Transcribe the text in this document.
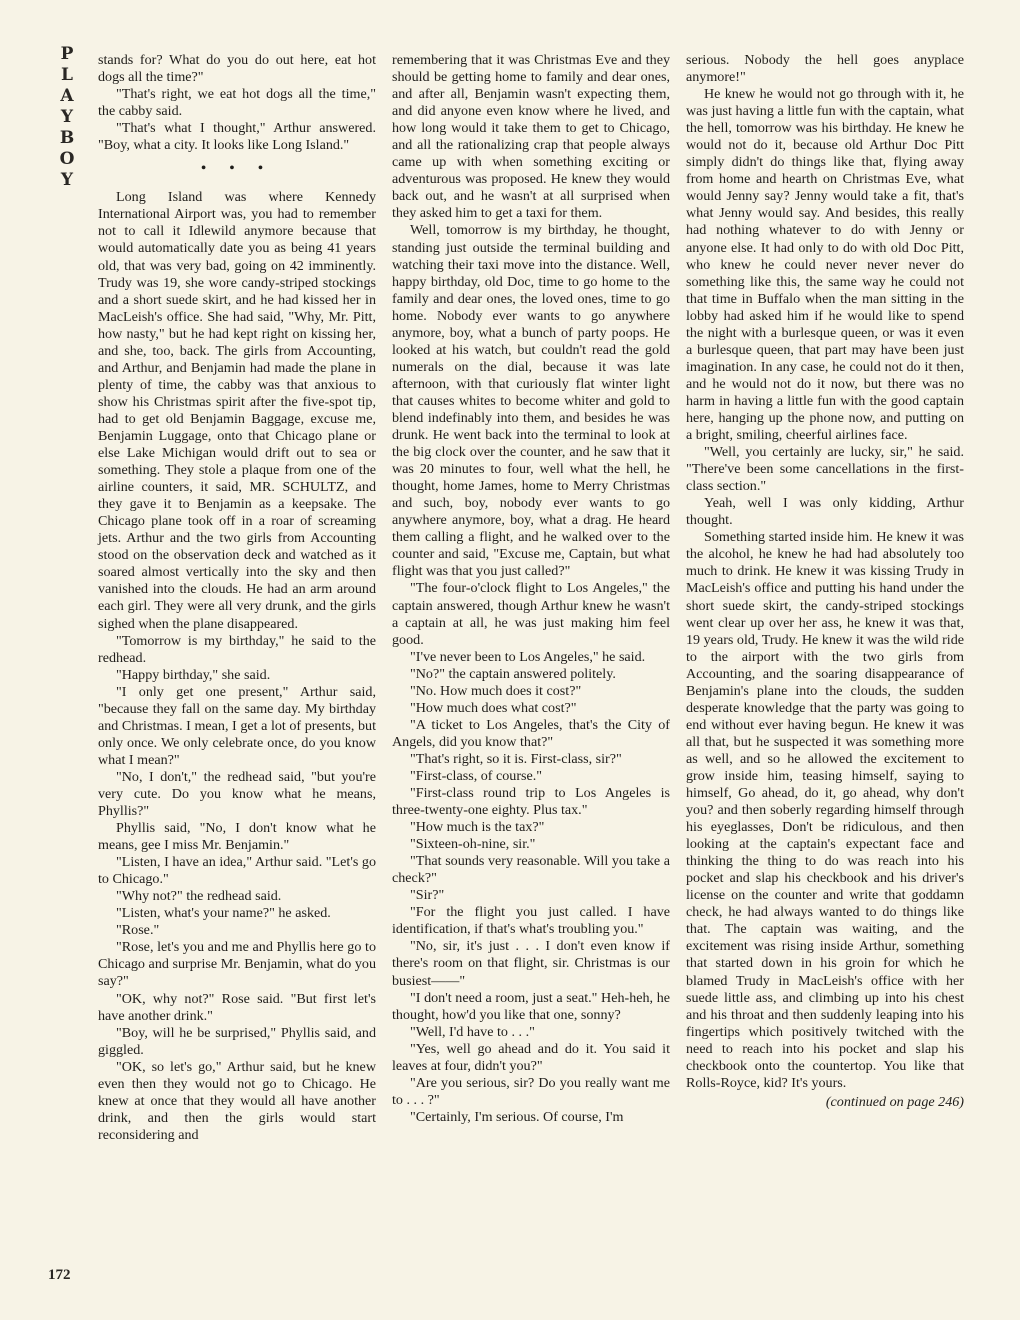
P
L
A
Y
B
O
Y

stands for? What do you do out here, eat hot dogs all the time?"

"That's right, we eat hot dogs all the time," the cabby said.

"That's what I thought," Arthur answered. "Boy, what a city. It looks like Long Island."

• • •

Long Island was where Kennedy International Airport was, you had to remember not to call it Idlewild anymore because that would automatically date you as being 41 years old, that was very bad, going on 42 imminently. Trudy was 19, she wore candy-striped stockings and a short suede skirt, and he had kissed her in MacLeish's office. She had said, "Why, Mr. Pitt, how nasty," but he had kept right on kissing her, and she, too, back. The girls from Accounting, and Arthur, and Benjamin had made the plane in plenty of time, the cabby was that anxious to show his Christmas spirit after the five-spot tip, had to get old Benjamin Baggage, excuse me, Benjamin Luggage, onto that Chicago plane or else Lake Michigan would drift out to sea or something. They stole a plaque from one of the airline counters, it said, MR. SCHULTZ, and they gave it to Benjamin as a keepsake. The Chicago plane took off in a roar of screaming jets. Arthur and the two girls from Accounting stood on the observation deck and watched as it soared almost vertically into the sky and then vanished into the clouds. He had an arm around each girl. They were all very drunk, and the girls sighed when the plane disappeared.

"Tomorrow is my birthday," he said to the redhead.

"Happy birthday," she said.

"I only get one present," Arthur said, "because they fall on the same day. My birthday and Christmas. I mean, I get a lot of presents, but only once. We only celebrate once, do you know what I mean?"

"No, I don't," the redhead said, "but you're very cute. Do you know what he means, Phyllis?"

Phyllis said, "No, I don't know what he means, gee I miss Mr. Benjamin."

"Listen, I have an idea," Arthur said. "Let's go to Chicago."

"Why not?" the redhead said.

"Listen, what's your name?" he asked.

"Rose."

"Rose, let's you and me and Phyllis here go to Chicago and surprise Mr. Benjamin, what do you say?"

"OK, why not?" Rose said. "But first let's have another drink."

"Boy, will he be surprised," Phyllis said, and giggled.

"OK, so let's go," Arthur said, but he knew even then they would not go to Chicago. He knew at once that they would all have another drink, and then the girls would start reconsidering and

remembering that it was Christmas Eve and they should be getting home to family and dear ones, and after all, Benjamin wasn't expecting them, and did anyone even know where he lived, and how long would it take them to get to Chicago, and all the rationalizing crap that people always came up with when something exciting or adventurous was proposed. He knew they would back out, and he wasn't at all surprised when they asked him to get a taxi for them.

Well, tomorrow is my birthday, he thought, standing just outside the terminal building and watching their taxi move into the distance. Well, happy birthday, old Doc, time to go home to the family and dear ones, the loved ones, time to go home. Nobody ever wants to go anywhere anymore, boy, what a bunch of party poops. He looked at his watch, but couldn't read the gold numerals on the dial, because it was late afternoon, with that curiously flat winter light that causes whites to become whiter and gold to blend indefinably into them, and besides he was drunk. He went back into the terminal to look at the big clock over the counter, and he saw that it was 20 minutes to four, well what the hell, he thought, home James, home to Merry Christmas and such, boy, nobody ever wants to go anywhere anymore, boy, what a drag. He heard them calling a flight, and he walked over to the counter and said, "Excuse me, Captain, but what flight was that you just called?"

"The four-o'clock flight to Los Angeles," the captain answered, though Arthur knew he wasn't a captain at all, he was just making him feel good.

"I've never been to Los Angeles," he said.

"No?" the captain answered politely.

"No. How much does it cost?"

"How much does what cost?"

"A ticket to Los Angeles, that's the City of Angels, did you know that?"

"That's right, so it is. First-class, sir?"

"First-class, of course."

"First-class round trip to Los Angeles is three-twenty-one eighty. Plus tax."

"How much is the tax?"

"Sixteen-oh-nine, sir."

"That sounds very reasonable. Will you take a check?"

"Sir?"

"For the flight you just called. I have identification, if that's what's troubling you."

"No, sir, it's just . . . I don't even know if there's room on that flight, sir. Christmas is our busiest——"

"I don't need a room, just a seat." Heh-heh, he thought, how'd you like that one, sonny?

"Well, I'd have to . . ."

"Yes, well go ahead and do it. You said it leaves at four, didn't you?"

"Are you serious, sir? Do you really want me to . . . ?"

"Certainly, I'm serious. Of course, I'm

serious. Nobody the hell goes anyplace anymore!"

He knew he would not go through with it, he was just having a little fun with the captain, what the hell, tomorrow was his birthday. He knew he would not do it, because old Arthur Doc Pitt simply didn't do things like that, flying away from home and hearth on Christmas Eve, what would Jenny say? Jenny would take a fit, that's what Jenny would say. And besides, this really had nothing whatever to do with Jenny or anyone else. It had only to do with old Doc Pitt, who knew he could never never never do something like this, the same way he could not that time in Buffalo when the man sitting in the lobby had asked him if he would like to spend the night with a burlesque queen, or was it even a burlesque queen, that part may have been just imagination. In any case, he could not do it then, and he would not do it now, but there was no harm in having a little fun with the good captain here, hanging up the phone now, and putting on a bright, smiling, cheerful airlines face.

"Well, you certainly are lucky, sir," he said. "There've been some cancellations in the first-class section."

Yeah, well I was only kidding, Arthur thought.

Something started inside him. He knew it was the alcohol, he knew he had had absolutely too much to drink. He knew it was kissing Trudy in MacLeish's office and putting his hand under the short suede skirt, the candy-striped stockings went clear up over her ass, he knew it was that, 19 years old, Trudy. He knew it was the wild ride to the airport with the two girls from Accounting, and the soaring disappearance of Benjamin's plane into the clouds, the sudden desperate knowledge that the party was going to end without ever having begun. He knew it was all that, but he suspected it was something more as well, and so he allowed the excitement to grow inside him, teasing himself, saying to himself, Go ahead, do it, go ahead, why don't you? and then soberly regarding himself through his eyeglasses, Don't be ridiculous, and then looking at the captain's expectant face and thinking the thing to do was reach into his pocket and slap his checkbook and his driver's license on the counter and write that goddamn check, he had always wanted to do things like that. The captain was waiting, and the excitement was rising inside Arthur, something that started down in his groin for which he blamed Trudy in MacLeish's office with her suede little ass, and climbing up into his chest and his throat and then suddenly leaping into his fingertips which positively twitched with the need to reach into his pocket and slap his checkbook onto the countertop. You like that Rolls-Royce, kid? It's yours.

(continued on page 246)

172
